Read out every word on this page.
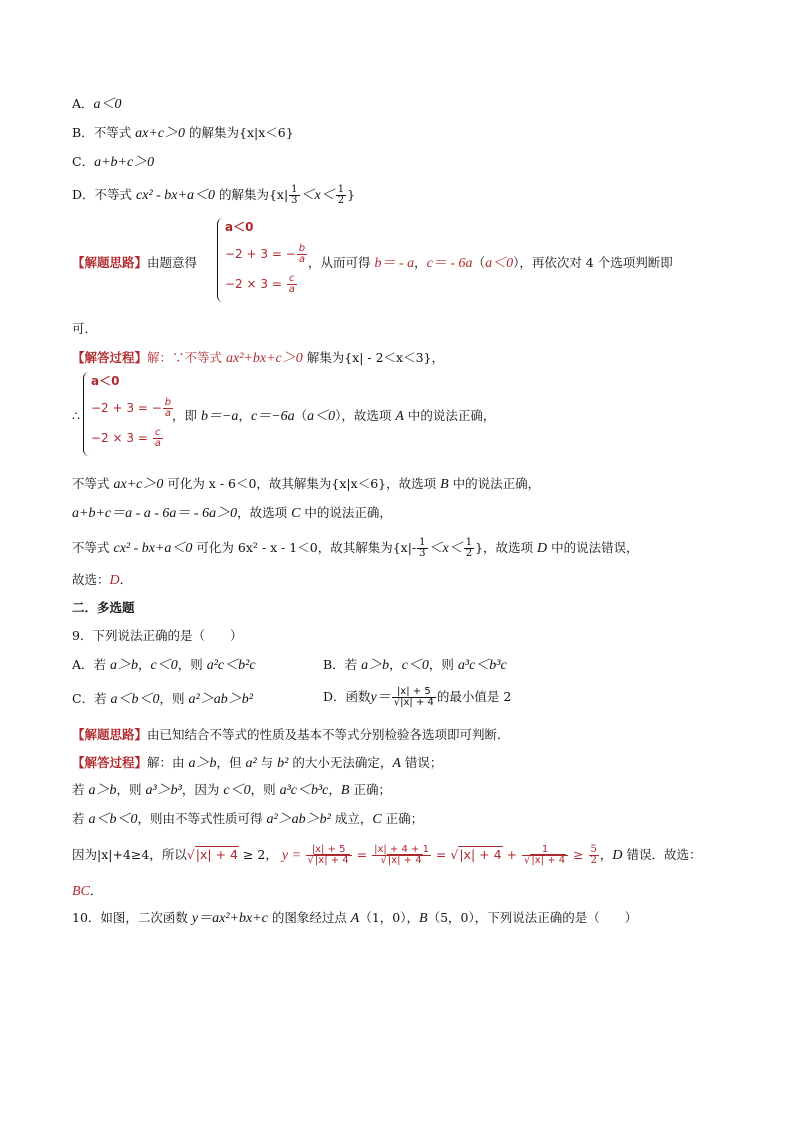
A．a＜0
B．不等式 ax+c＞0 的解集为{x|x＜6}
C．a+b+c＞0
D．不等式 cx² - bx+a＜0 的解集为{$x| \frac{1}{3} <x< \frac{1}{2}$ }
【解题思路】由题意得
a＜0
−2 + 3 = − $\frac{b}{a}$
$-2 \times 3 = \frac{c}{a}$
，从而可得 b＝ - a，c＝ - 6a（a＜0），再依次对 4 个选项判断即
可．
【解答过程】解：∵不等式 ax²+bx+c＞0 解集为{x| - 2＜x＜3}，
∴
a＜0
−2 + 3 = − $\frac{b}{a}$
$-2 \times 3 = \frac{c}{a}$
，即 b＝−a，c＝−6a（a＜0），故选项 A 中的说法正确，
不等式 ax+c＞0 可化为 x - 6＜0，故其解集为{x|x＜6}，故选项 B 中的说法正确，
a+b+c＝a - a - 6a＝ - 6a＞0，故选项 C 中的说法正确，
不等式 cx² - bx+a＜0 可化为 6x² - x - 1＜0，故其解集为{$x|- \frac{1}{3} <x< \frac{1}{2}$ }，故选项 D 中的说法错误，
故选：D．
二．多选题
9．下列说法正确的是（　　）
A．若 a＞b，c＜0，则 a²c＜b²c	B．若 a＞b，c＜0，则 a³c＜b³c
C．若 a＜b＜0，则 a²＞ab＞b²	D．函数$y= \frac{|x| + 5}{√|x| + 4}$ 的最小值是 2
【解题思路】由已知结合不等式的性质及基本不等式分别检验各选项即可判断．
【解答过程】解：由 a＞b，但 a² 与 b² 的大小无法确定，A 错误；
若 a＞b，则 a³＞b³，因为 c＜0，则 a³c＜b³c，B 正确；
若 a＜b＜0，则由不等式性质可得 a²＞ab＞b² 成立，C 正确；
因为|x|+4≥4，所以√|x| + 4 ≥ 2， $y = \frac{|x| + 5}{√|x| + 4} = \frac{|x| + 4 + 1}{√|x| + 4} = √|x| + 4 + \frac{1}{√|x| + 4} \ge \frac{5}{2}$ ，D 错误．故选：
BC．
10．如图，二次函数 y＝ax²+bx+c 的图象经过点 A（1，0），B（5，0），下列说法正确的是（　　）
